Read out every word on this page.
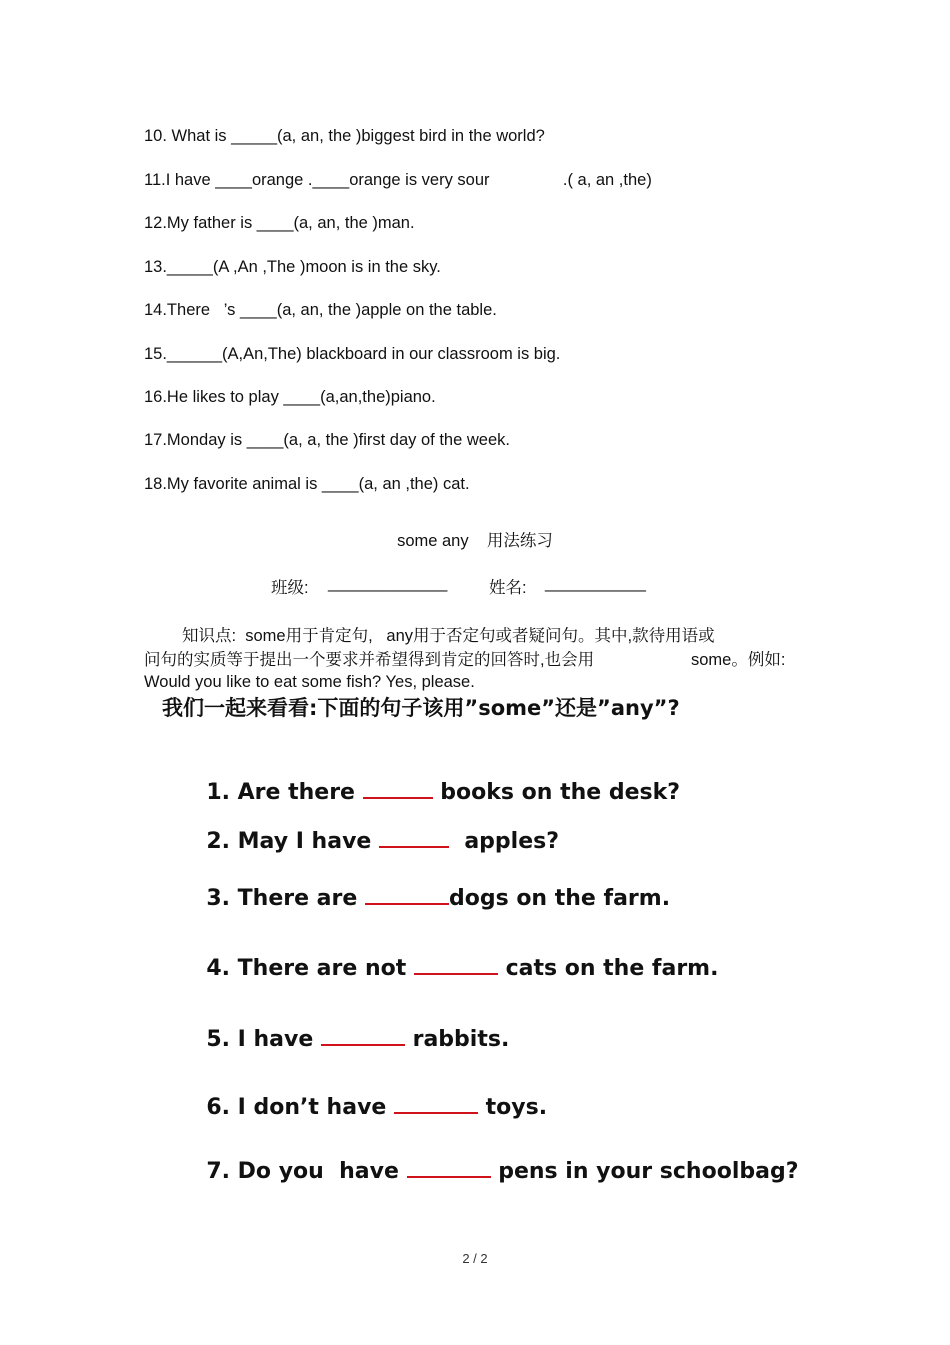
10. What is _____(a, an, the )biggest bird in the world?
11.I have ____orange .____orange is very sour                .( a, an ,the)
12.My father is ____(a, an, the )man.
13._____(A ,An ,The )moon is in the sky.
14.There   ’s ____(a, an, the )apple on the table.
15.______(A,An,The) blackboard in our classroom is big.
16.He likes to play ____(a,an,the)piano.
17.Monday is ____(a, a, the )first day of the week.
18.My favorite animal is ____(a, an ,the) cat.
some any    用法练习
班级: _____________	姓名: ___________
知识点:  some用于肯定句,   any用于否定句或者疑问句。其中,款待用语或
问句的实质等于提出一个要求并希望得到肯定的回答时,也会用	some。例如:
Would you like to eat some fish? Yes, please.
我们一起来看看:下面的句子该用”some”还是”any”?

1. Are there	books on the desk?

2. May I have	apples?

3. There are	dogs on the farm.

4. There are not	cats on the farm.

5. I have	rabbits.

6. I don’t have	toys.

7. Do you  have	pens in your schoolbag?

2 / 2
